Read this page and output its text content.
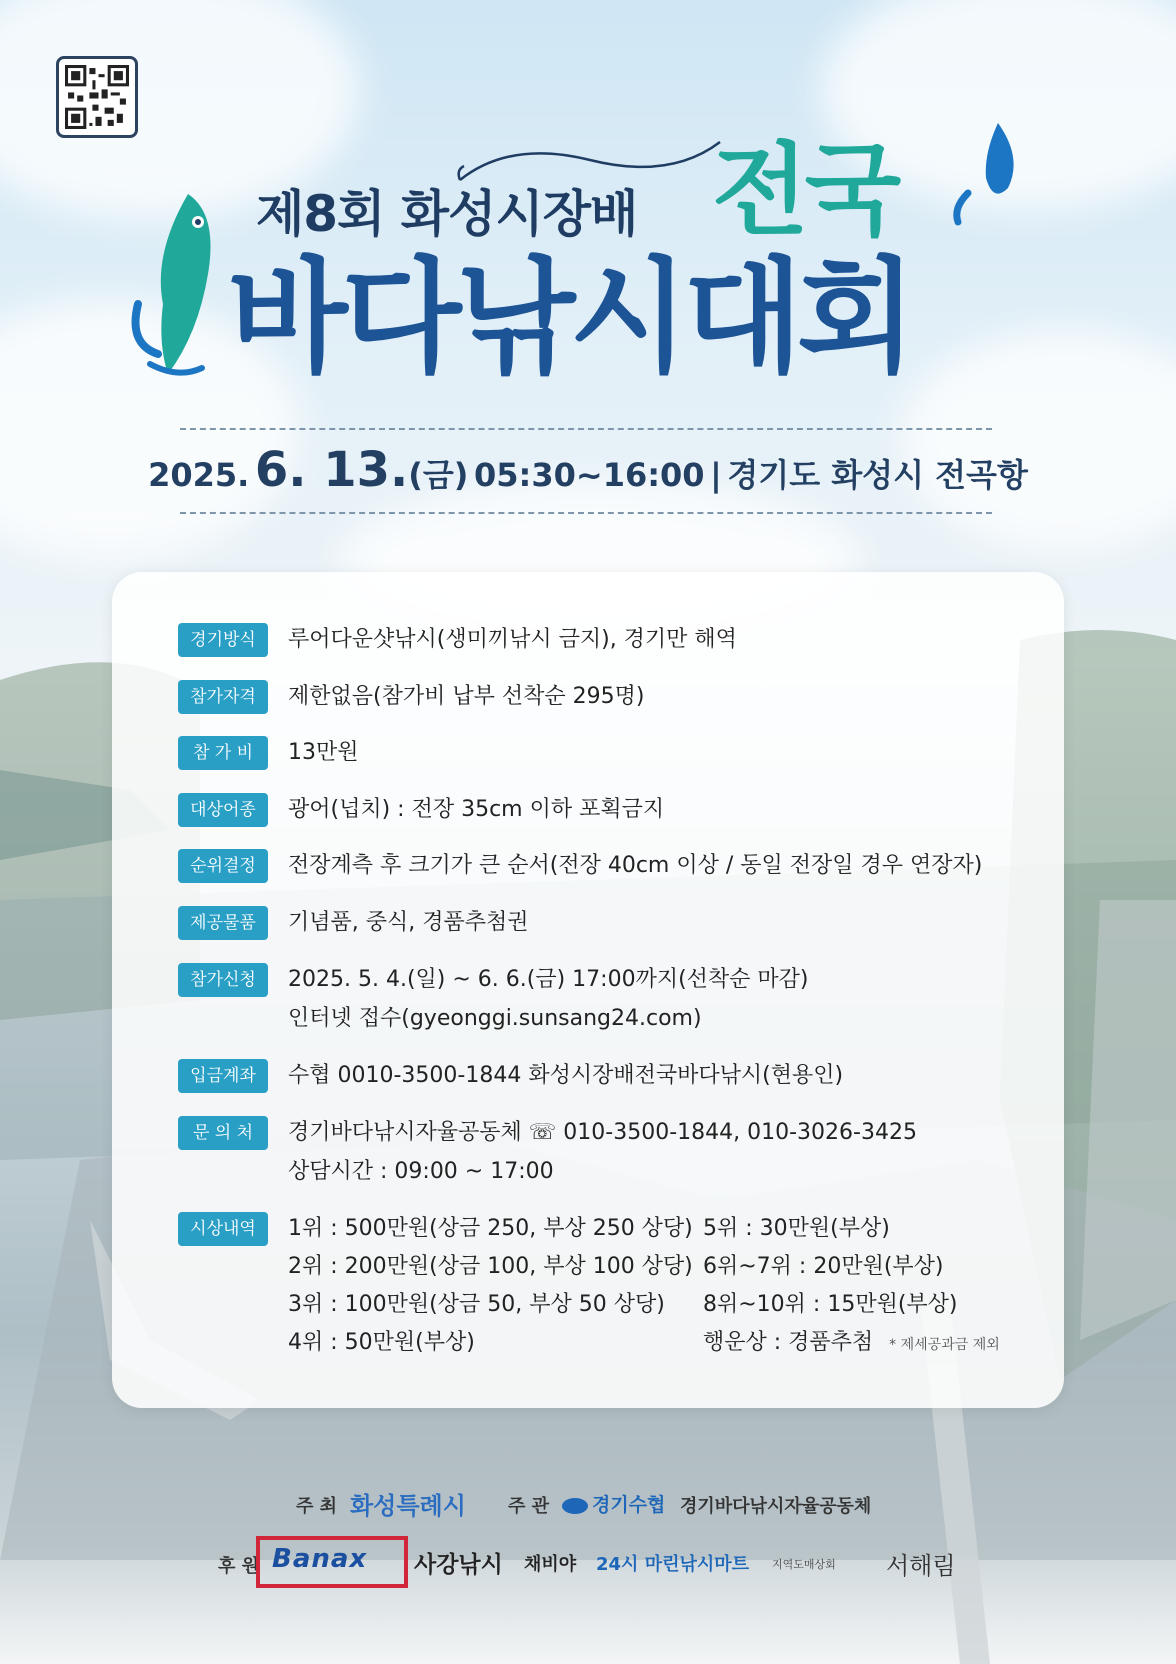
제8회 화성시장배 전국
바다낚시대회
2025. 6. 13.(금) 05:30~16:00 | 경기도 화성시 전곡항
경기방식	루어다운샷낚시(생미끼낚시 금지), 경기만 해역
참가자격	제한없음(참가비 납부 선착순 295명)
참 가 비	13만원
대상어종	광어(넙치) : 전장 35cm 이하 포획금지
순위결정	전장계측 후 크기가 큰 순서(전장 40cm 이상 / 동일 전장일 경우 연장자)
제공물품	기념품, 중식, 경품추첨권
참가신청	2025. 5. 4.(일) ~ 6. 6.(금) 17:00까지(선착순 마감)
인터넷 접수(gyeonggi.sunsang24.com)
입금계좌	수협 0010-3500-1844 화성시장배전국바다낚시(현용인)
문 의 처	경기바다낚시자율공동체 ☏ 010-3500-1844, 010-3026-3425
상담시간 : 09:00 ~ 17:00
시상내역	1위 : 500만원(상금 250, 부상 250 상당)
2위 : 200만원(상금 100, 부상 100 상당)
3위 : 100만원(상금 50, 부상 50 상당)
4위 : 50만원(부상)
5위 : 30만원(부상)
6위~7위 : 20만원(부상)
8위~10위 : 15만원(부상)
행운상 : 경품추첨 * 제세공과금 제외
주 최 화성특례시 주 관	경기수협 경기바다낚시자율공동체
후 원 Banax 사강낚시 채비야 24시 마린낚시마트 지역도매상회 서해림
